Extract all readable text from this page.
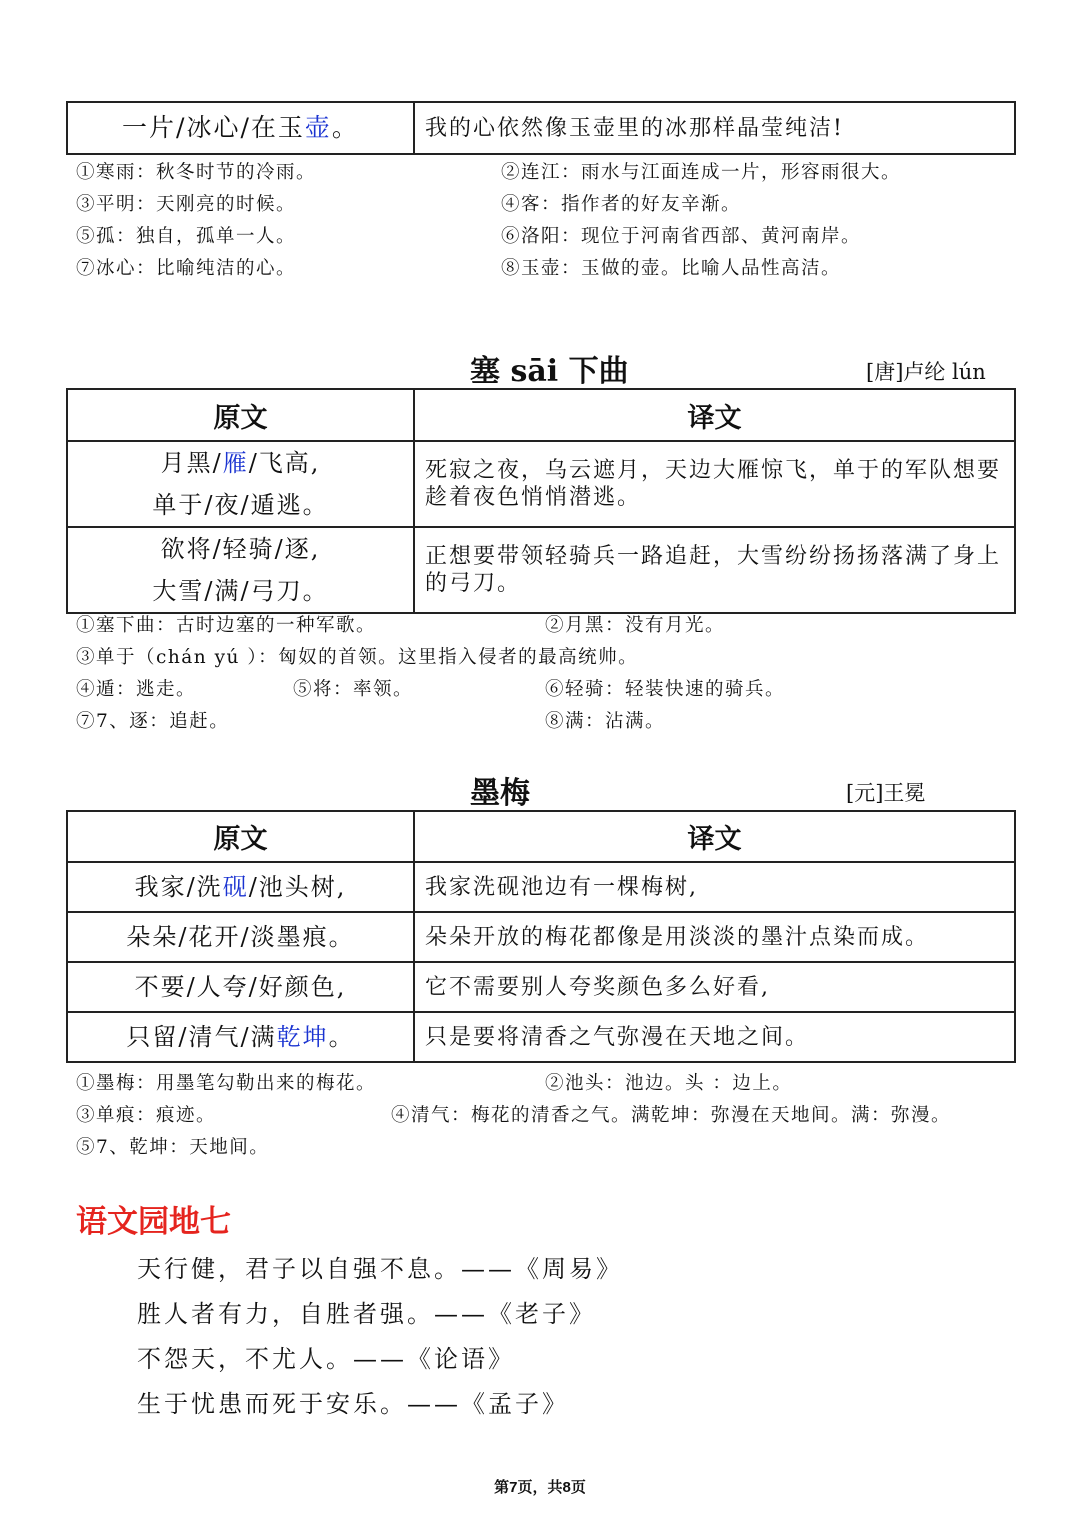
一片/冰心/在玉壶。	我的心依然像玉壶里的冰那样晶莹纯洁!
①寒雨：秋冬时节的冷雨。	②连江：雨水与江面连成一片，形容雨很大。
③平明：天刚亮的时候。	④客：指作者的好友辛渐。
⑤孤：独自，孤单一人。	⑥洛阳：现位于河南省西部、黄河南岸。
⑦冰心：比喻纯洁的心。	⑧玉壶：玉做的壶。比喻人品性高洁。
塞 sāi 下曲	[唐]卢纶 lún
原文	译文

月黑/雁/飞高,
单于/夜/遁逃。	死寂之夜，乌云遮月，天边大雁惊飞，单于的军队想要趁着夜色悄悄潜逃。

欲将/轻骑/逐,
大雪/满/弓刀。	正想要带领轻骑兵一路追赶，大雪纷纷扬扬落满了身上的弓刀。
①塞下曲：古时边塞的一种军歌。	②月黑：没有月光。
③单于（chán yú ）：匈奴的首领。这里指入侵者的最高统帅。
④遁：逃走。	⑤将：率领。	⑥轻骑：轻装快速的骑兵。
⑦7、逐：追赶。	⑧满：沾满。
墨梅	[元]王冕
原文	译文
我家/洗砚/池头树,	我家洗砚池边有一棵梅树,
朵朵/花开/淡墨痕。	朵朵开放的梅花都像是用淡淡的墨汁点染而成。
不要/人夸/好颜色,	它不需要别人夸奖颜色多么好看,
只留/清气/满乾坤。	只是要将清香之气弥漫在天地之间。
①墨梅：用墨笔勾勒出来的梅花。	②池头：池边。头 ：边上。
③单痕：痕迹。	④清气：梅花的清香之气。满乾坤：弥漫在天地间。满：弥漫。
⑤7、乾坤：天地间。
语文园地七
天行健，君子以自强不息。——《周易》
胜人者有力，自胜者强。——《老子》
不怨天，不尤人。——《论语》
生于忧患而死于安乐。——《孟子》
第7页，共8页
